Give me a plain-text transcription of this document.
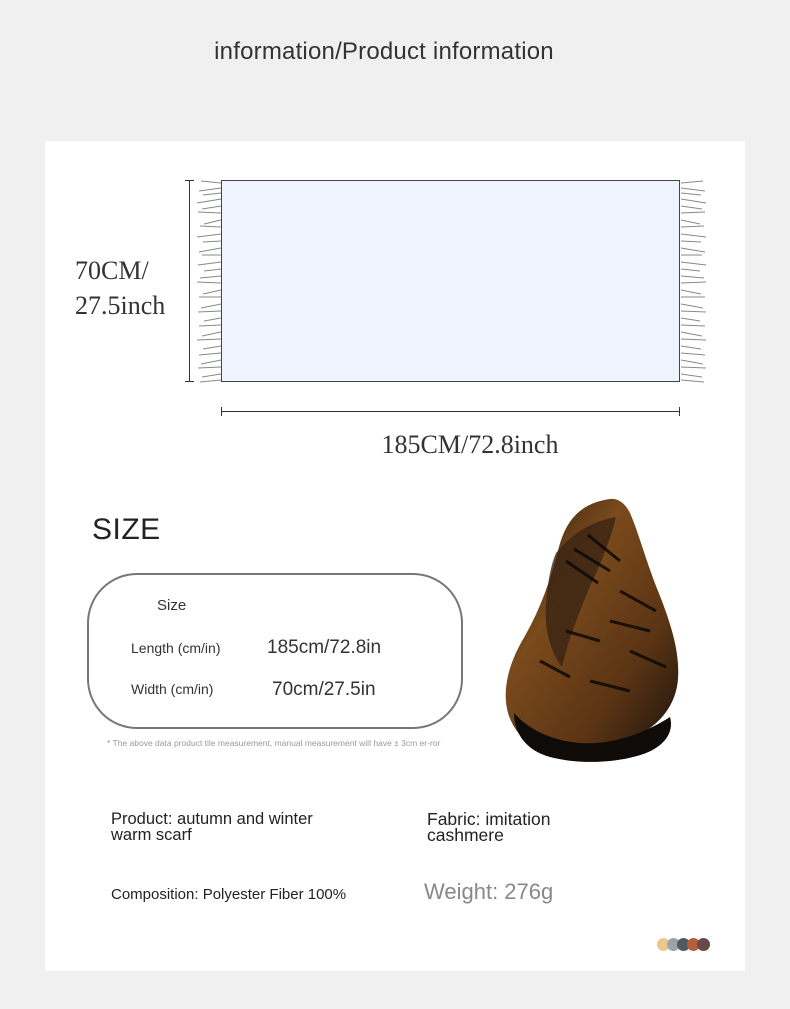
information/Product information
70CM/
27.5inch
185CM/72.8inch
SIZE
Size
Length (cm/in) 185cm/72.8in
Width (cm/in)	70cm/27.5in
* The above data product tile measurement, manual measurement will have ± 3cm er-ror
Product: autumn and winter
warm scarf
Fabric: imitation
cashmere
Composition: Polyester Fiber 100%	Weight: 276g
